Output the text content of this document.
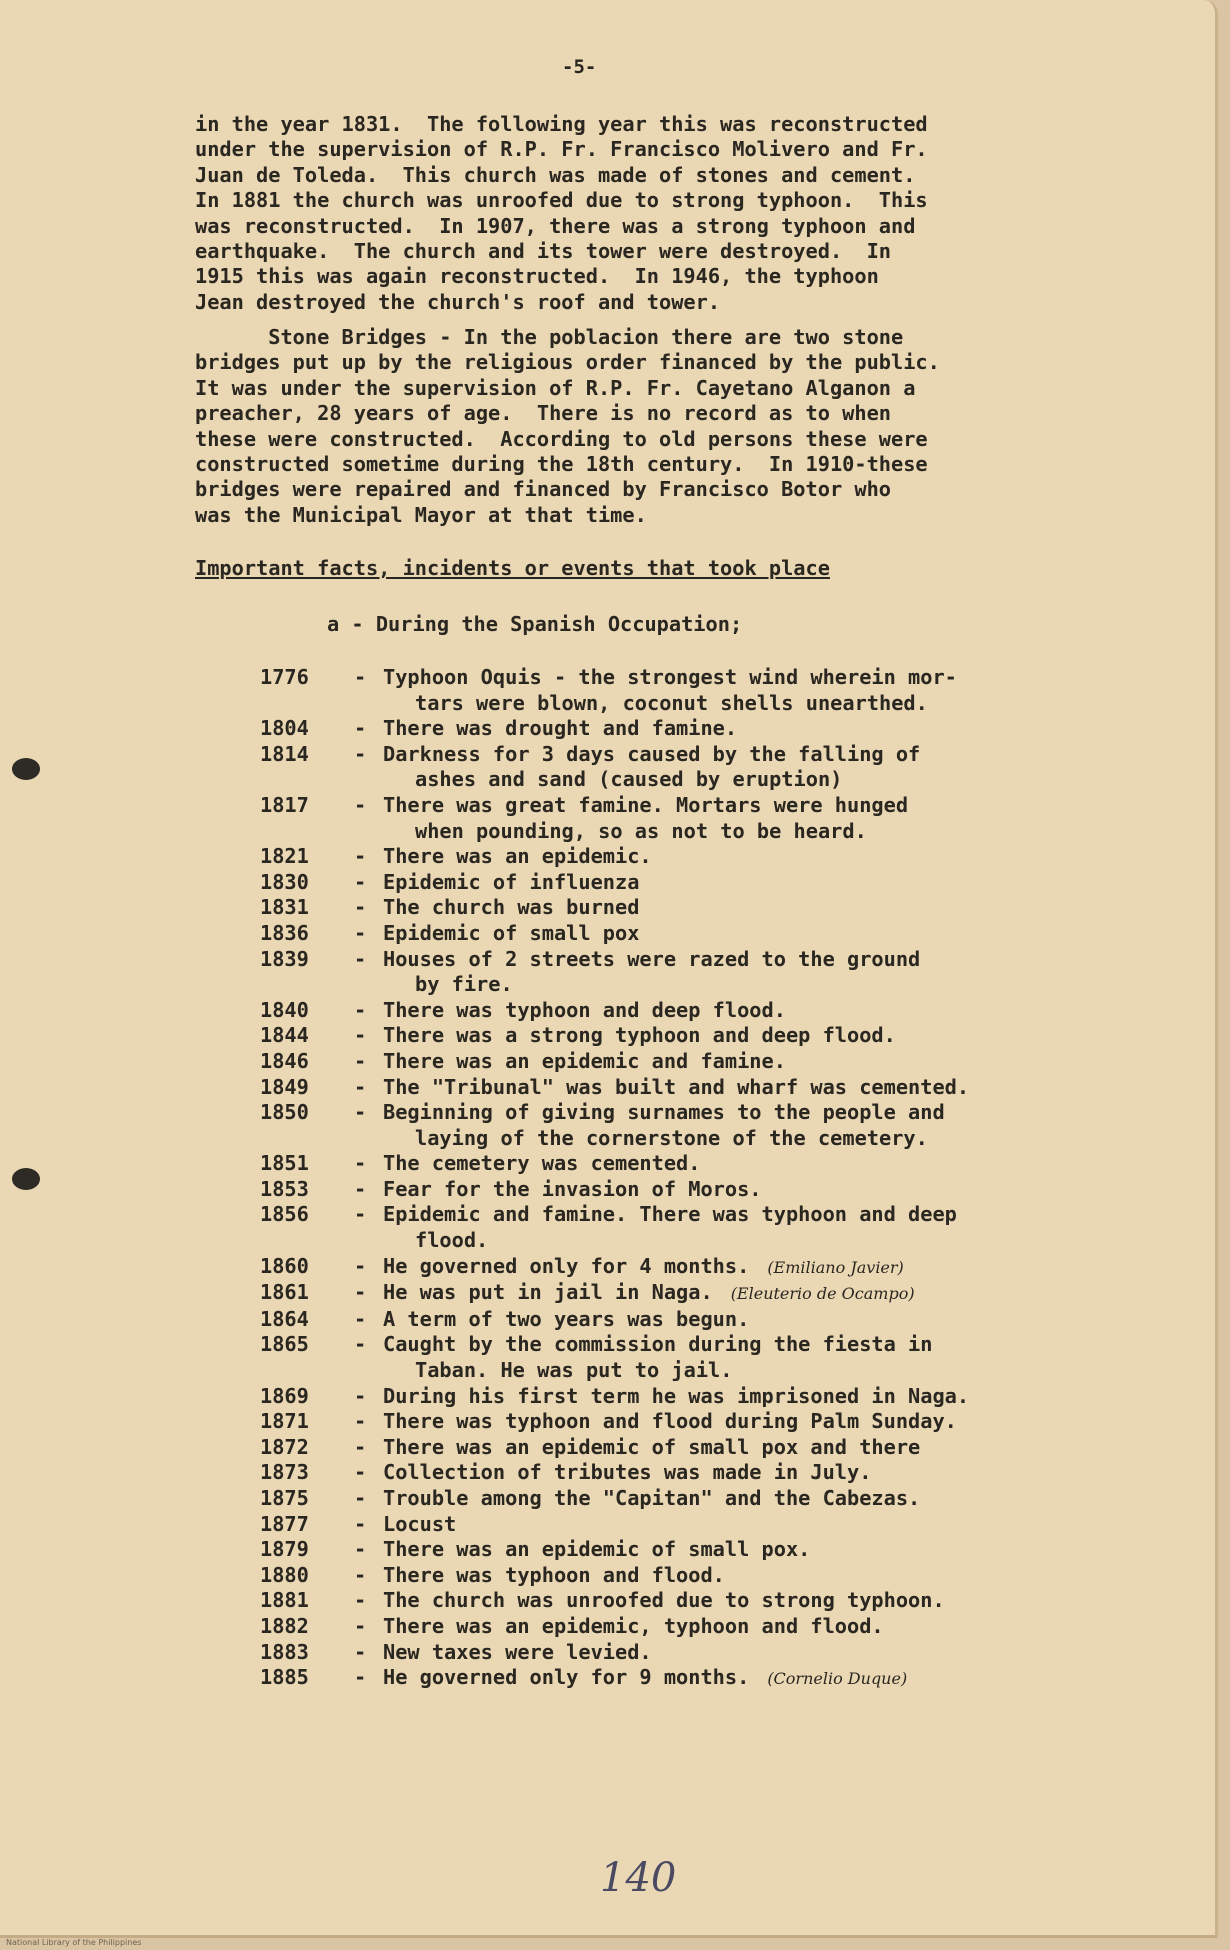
-5-

in the year 1831.  The following year this was reconstructed
under the supervision of R.P. Fr. Francisco Molivero and Fr.
Juan de Toleda.  This church was made of stones and cement.
In 1881 the church was unroofed due to strong typhoon.  This
was reconstructed.  In 1907, there was a strong typhoon and
earthquake.  The church and its tower were destroyed.  In
1915 this was again reconstructed.  In 1946, the typhoon
Jean destroyed the church's roof and tower.

Stone Bridges - In the poblacion there are two stone
bridges put up by the religious order financed by the public.
It was under the supervision of R.P. Fr. Cayetano Alganon a
preacher, 28 years of age.  There is no record as to when
these were constructed.  According to old persons these were
constructed sometime during the 18th century.  In 1910-these
bridges were repaired and financed by Francisco Botor who
was the Municipal Mayor at that time.

Important facts, incidents or events that took place
a - During the Spanish Occupation;
1776	- Typhoon Oquis - the strongest wind wherein mor-
tars were blown, coconut shells unearthed.
1804	- There was drought and famine.
1814	- Darkness for 3 days caused by the falling of
ashes and sand (caused by eruption)
1817	- There was great famine. Mortars were hunged
when pounding, so as not to be heard.
1821	- There was an epidemic.
1830	- Epidemic of influenza
1831	- The church was burned
1836	- Epidemic of small pox
1839	- Houses of 2 streets were razed to the ground
by fire.
1840	- There was typhoon and deep flood.
1844	- There was a strong typhoon and deep flood.
1846	- There was an epidemic and famine.
1849	- The "Tribunal" was built and wharf was cemented.
1850	- Beginning of giving surnames to the people and
laying of the cornerstone of the cemetery.
1851	- The cemetery was cemented.
1853	- Fear for the invasion of Moros.
1856	- Epidemic and famine. There was typhoon and deep
flood.
1860	- He governed only for 4 months. (Emiliano Javier)
1861	- He was put in jail in Naga. (Eleuterio de Ocampo)
1864	- A term of two years was begun.
1865	- Caught by the commission during the fiesta in
Taban. He was put to jail.
1869	- During his first term he was imprisoned in Naga.
1871	- There was typhoon and flood during Palm Sunday.
1872	- There was an epidemic of small pox and there
1873	- Collection of tributes was made in July.
1875	- Trouble among the "Capitan" and the Cabezas.
1877	- Locust
1879	- There was an epidemic of small pox.
1880	- There was typhoon and flood.
1881	- The church was unroofed due to strong typhoon.
1882	- There was an epidemic, typhoon and flood.
1883	- New taxes were levied.
1885	- He governed only for 9 months. (Cornelio Duque)
140
National Library of the Philippines
